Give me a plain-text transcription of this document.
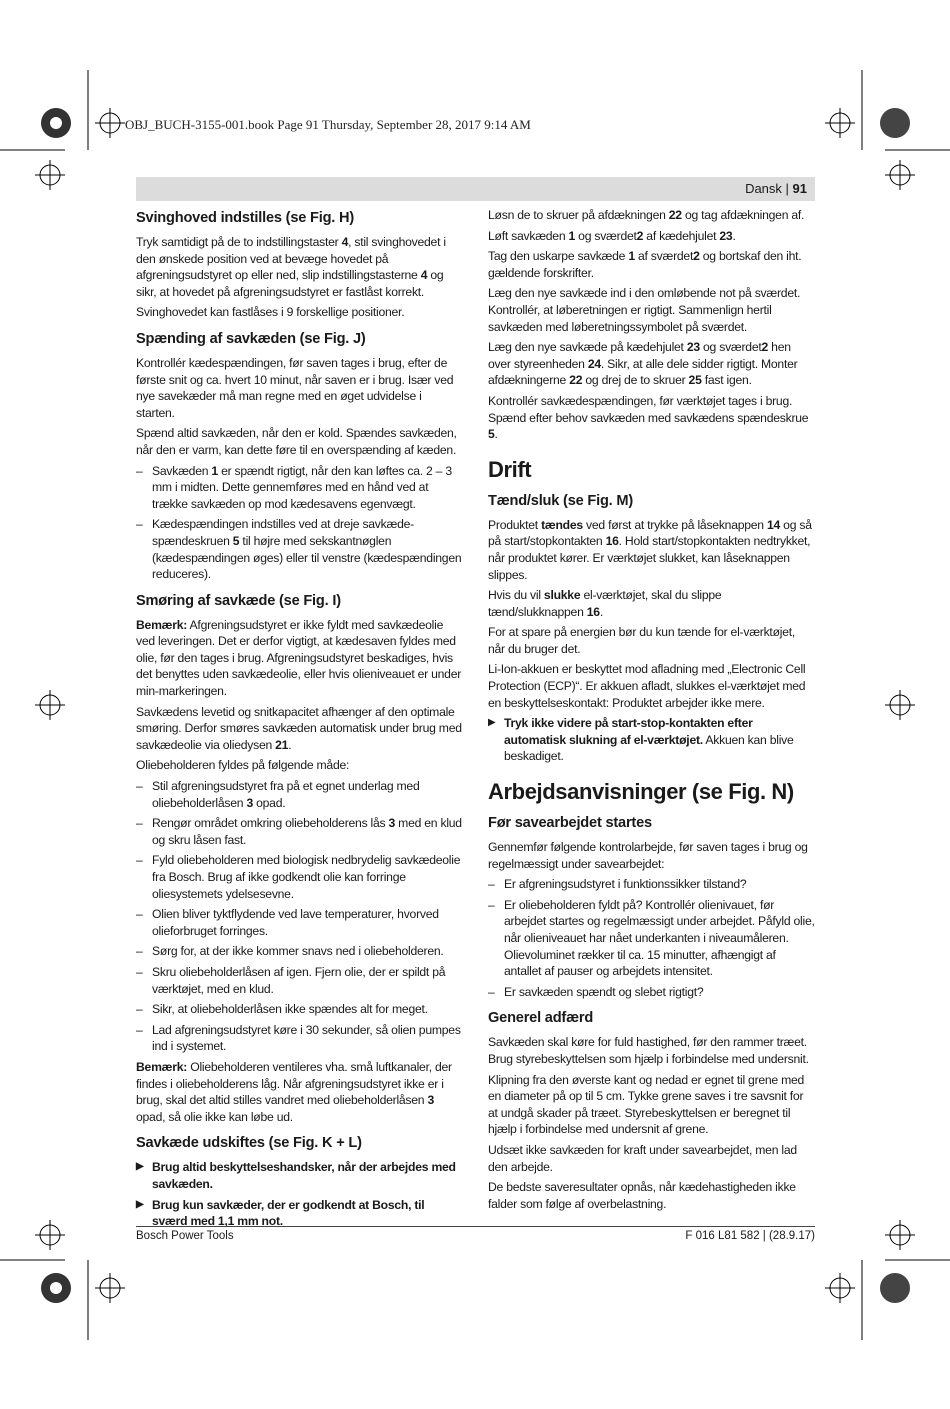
OBJ_BUCH-3155-001.book Page 91 Thursday, September 28, 2017 9:14 AM
Dansk | 91
Svinghoved indstilles (se Fig. H)

Tryk samtidigt på de to indstillingstaster 4, stil svinghovedet i den ønskede position ved at bevæge hovedet på afgreningsudstyret op eller ned, slip indstillingstasterne 4 og sikr, at hovedet på afgreningsudstyret er fastlåst korrekt.

Svinghovedet kan fastlåses i 9 forskellige positioner.

Spænding af savkæden (se Fig. J)

Kontrollér kædespændingen, før saven tages i brug, efter de første snit og ca. hvert 10 minut, når saven er i brug. Især ved nye savekæder må man regne med en øget udvidelse i starten.

Spænd altid savkæden, når den er kold. Spændes savkæden, når den er varm, kan dette føre til en overspænding af kæden.

– Savkæden 1 er spændt rigtigt, når den kan løftes ca. 2 – 3 mm i midten. Dette gennemføres med en hånd ved at trække savkæden op mod kædesavens egenvægt.
– Kædespændingen indstilles ved at dreje savkæde-spændeskruen 5 til højre med sekskantnøglen (kædespændingen øges) eller til venstre (kædespændingen reduceres).
Smøring af savkæde (se Fig. I)

Bemærk: Afgreningsudstyret er ikke fyldt med savkædeolie ved leveringen. Det er derfor vigtigt, at kædesaven fyldes med olie, før den tages i brug. Afgreningsudstyret beskadiges, hvis det benyttes uden savkædeolie, eller hvis olieniveauet er under min-markeringen.

Savkædens levetid og snitkapacitet afhænger af den optimale smøring. Derfor smøres savkæden automatisk under brug med savkædeolie via oliedysen 21.

Oliebeholderen fyldes på følgende måde:

– Stil afgreningsudstyret fra på et egnet underlag med oliebeholderlåsen 3 opad.
– Rengør området omkring oliebeholderens lås 3 med en klud og skru låsen fast.
– Fyld oliebeholderen med biologisk nedbrydelig savkædeolie fra Bosch. Brug af ikke godkendt olie kan forringe oliesystemets ydelsesevne.
– Olien bliver tyktflydende ved lave temperaturer, hvorved olieforbruget forringes.
– Sørg for, at der ikke kommer snavs ned i oliebeholderen.
– Skru oliebeholderlåsen af igen. Fjern olie, der er spildt på værktøjet, med en klud.
– Sikr, at oliebeholderlåsen ikke spændes alt for meget.
– Lad afgreningsudstyret køre i 30 sekunder, så olien pumpes ind i systemet.

Bemærk: Oliebeholderen ventileres vha. små luftkanaler, der findes i oliebeholderens låg. Når afgreningsudstyret ikke er i brug, skal det altid stilles vandret med oliebeholderlåsen 3 opad, så olie ikke kan løbe ud.

Savkæde udskiftes (se Fig. K + L)
▶ Brug altid beskyttelseshandsker, når der arbejdes med savkæden.
▶ Brug kun savkæder, der er godkendt at Bosch, til sværd med 1,1 mm not.

Løsn de to skruer på afdækningen 22 og tag afdækningen af.

Løft savkæden 1 og sværdet2 af kædehjulet 23.

Tag den uskarpe savkæde 1 af sværdet2 og bortskaf den iht. gældende forskrifter.

Læg den nye savkæde ind i den omløbende not på sværdet. Kontrollér, at løberetningen er rigtigt. Sammenlign hertil savkæden med løberetningssymbolet på sværdet.

Læg den nye savkæde på kædehjulet 23 og sværdet2 hen over styreenheden 24. Sikr, at alle dele sidder rigtigt. Monter afdækningerne 22 og drej de to skruer 25 fast igen.

Kontrollér savkædespændingen, før værktøjet tages i brug. Spænd efter behov savkæden med savkædens spændeskrue 5.

Drift
Tænd/sluk (se Fig. M)

Produktet tændes ved først at trykke på låseknappen 14 og så på start/stopkontakten 16. Hold start/stopkontakten nedtrykket, når produktet kører. Er værktøjet slukket, kan låseknappen slippes.

Hvis du vil slukke el-værktøjet, skal du slippe tænd/slukknappen 16.

For at spare på energien bør du kun tænde for el-værktøjet, når du bruger det.

Li-Ion-akkuen er beskyttet mod afladning med „Electronic Cell Protection (ECP)“. Er akkuen afladt, slukkes el-værktøjet med en beskyttelseskontakt: Produktet arbejder ikke mere.

▶ Tryk ikke videre på start-stop-kontakten efter automatisk slukning af el-værktøjet. Akkuen kan blive beskadiget.
Arbejdsanvisninger (se Fig. N)
Før savearbejdet startes

Gennemfør følgende kontrolarbejde, før saven tages i brug og regelmæssigt under savearbejdet:

– Er afgreningsudstyret i funktionssikker tilstand?
– Er oliebeholderen fyldt på? Kontrollér olienivauet, før arbejdet startes og regelmæssigt under arbejdet. Påfyld olie, når olieniveauet har nået underkanten i niveaumåleren. Olievoluminet rækker til ca. 15 minutter, afhængigt af antallet af pauser og arbejdets intensitet.
– Er savkæden spændt og slebet rigtigt?
Generel adfærd

Savkæden skal køre for fuld hastighed, før den rammer træet. Brug styrebeskyttelsen som hjælp i forbindelse med undersnit.

Klipning fra den øverste kant og nedad er egnet til grene med en diameter på op til 5 cm. Tykke grene saves i tre savsnit for at undgå skader på træet. Styrebeskyttelsen er beregnet til hjælp i forbindelse med undersnit af grene.

Udsæt ikke savkæden for kraft under savearbejdet, men lad den arbejde.

De bedste saveresultater opnås, når kædehastigheden ikke falder som følge af overbelastning.

Bosch Power Tools	F 016 L81 582 | (28.9.17)
